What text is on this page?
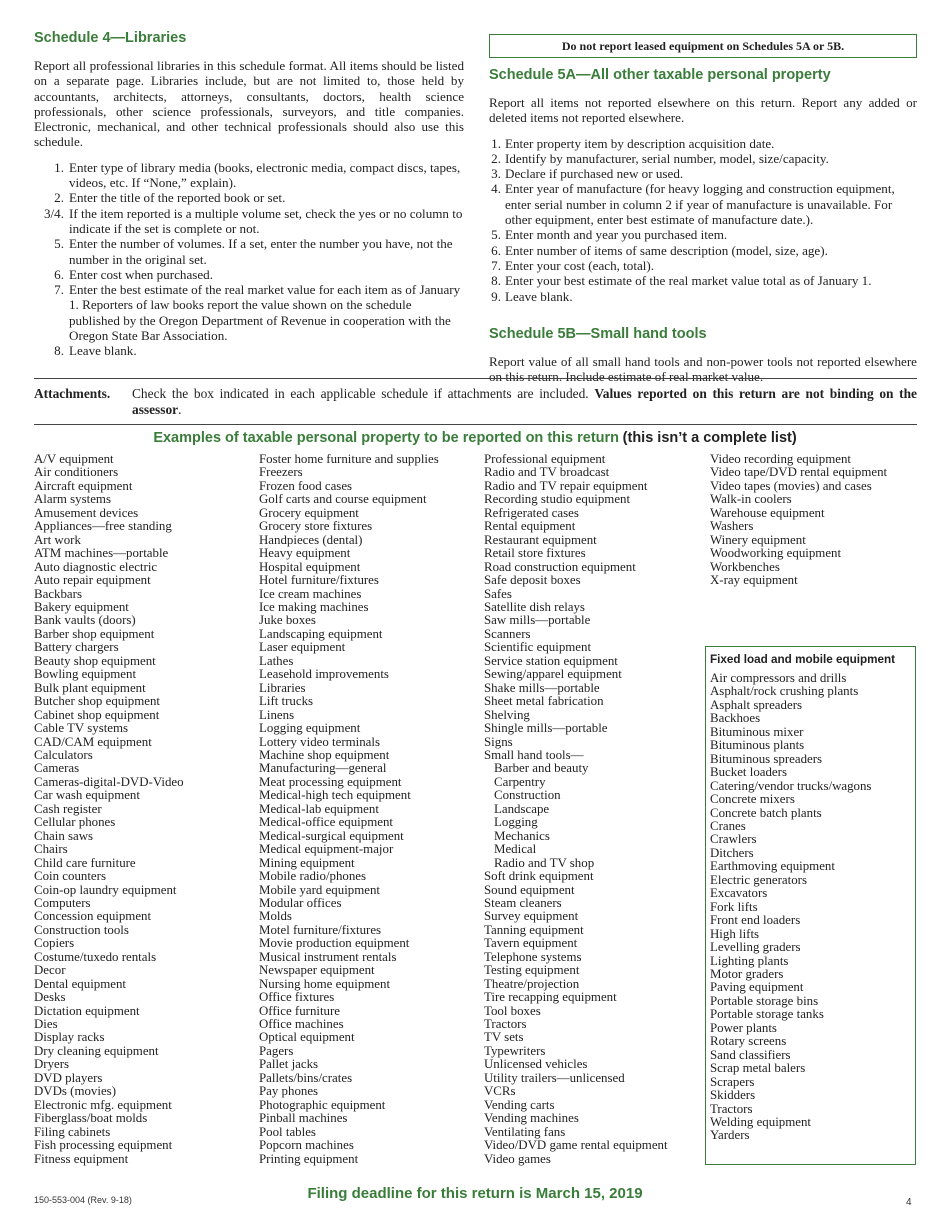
Schedule 4—Libraries

Report all professional libraries in this schedule format. All items should be listed on a separate page. Libraries include, but are not limited to, those held by accountants, architects, attorneys, consultants, doctors, health science professionals, other science professionals, surveyors, and title companies. Electronic, mechanical, and other technical professionals should also use this schedule.

1. Enter type of library media (books, electronic media, compact discs, tapes, videos, etc. If “None,” explain).
2. Enter the title of the reported book or set.
3/4. If the item reported is a multiple volume set, check the yes or no column to indicate if the set is complete or not.
5. Enter the number of volumes. If a set, enter the number you have, not the number in the original set.
6. Enter cost when purchased.
7. Enter the best estimate of the real market value for each item as of January 1. Reporters of law books report the value shown on the schedule published by the Oregon Department of Revenue in cooperation with the Oregon State Bar Association.
8. Leave blank.
Do not report leased equipment on Schedules 5A or 5B.
Schedule 5A—All other taxable personal property

Report all items not reported elsewhere on this return. Report any added or deleted items not reported elsewhere.

1. Enter property item by description acquisition date.
2. Identify by manufacturer, serial number, model, size/capacity.
3. Declare if purchased new or used.
4. Enter year of manufacture (for heavy logging and construction equipment, enter serial number in column 2 if year of manufacture is unavailable. For other equipment, enter best estimate of manufacture date.).
5. Enter month and year you purchased item.
6. Enter number of items of same description (model, size, age).
7. Enter your cost (each, total).
8. Enter your best estimate of the real market value total as of January 1.
9. Leave blank.
Schedule 5B—Small hand tools

Report value of all small hand tools and non-power tools not reported elsewhere on this return. Include estimate of real market value.

Attachments. Check the box indicated in each applicable schedule if attachments are included. Values reported on this return are not binding on the assessor.
Examples of taxable personal property to be reported on this return (this isn’t a complete list)
A/V equipment
Air conditioners
Aircraft equipment
Alarm systems
Amusement devices
Appliances—free standing
Art work
ATM machines—portable
Auto diagnostic electric
Auto repair equipment
Backbars
Bakery equipment
Bank vaults (doors)
Barber shop equipment
Battery chargers
Beauty shop equipment
Bowling equipment
Bulk plant equipment
Butcher shop equipment
Cabinet shop equipment
Cable TV systems
CAD/CAM equipment
Calculators
Cameras
Cameras-digital-DVD-Video
Car wash equipment
Cash register
Cellular phones
Chain saws
Chairs
Child care furniture
Coin counters
Coin-op laundry equipment
Computers
Concession equipment
Construction tools
Copiers
Costume/tuxedo rentals
Decor
Dental equipment
Desks
Dictation equipment
Dies
Display racks
Dry cleaning equipment
Dryers
DVD players
DVDs (movies)
Electronic mfg. equipment
Fiberglass/boat molds
Filing cabinets
Fish processing equipment
Fitness equipment
Foster home furniture and supplies
Freezers
Frozen food cases
Golf carts and course equipment
Grocery equipment
Grocery store fixtures
Handpieces (dental)
Heavy equipment
Hospital equipment
Hotel furniture/fixtures
Ice cream machines
Ice making machines
Juke boxes
Landscaping equipment
Laser equipment
Lathes
Leasehold improvements
Libraries
Lift trucks
Linens
Logging equipment
Lottery video terminals
Machine shop equipment
Manufacturing—general
Meat processing equipment
Medical-high tech equipment
Medical-lab equipment
Medical-office equipment
Medical-surgical equipment
Medical equipment-major
Mining equipment
Mobile radio/phones
Mobile yard equipment
Modular offices
Molds
Motel furniture/fixtures
Movie production equipment
Musical instrument rentals
Newspaper equipment
Nursing home equipment
Office fixtures
Office furniture
Office machines
Optical equipment
Pagers
Pallet jacks
Pallets/bins/crates
Pay phones
Photographic equipment
Pinball machines
Pool tables
Popcorn machines
Printing equipment
Professional equipment
Radio and TV broadcast
Radio and TV repair equipment
Recording studio equipment
Refrigerated cases
Rental equipment
Restaurant equipment
Retail store fixtures
Road construction equipment
Safe deposit boxes
Safes
Satellite dish relays
Saw mills—portable
Scanners
Scientific equipment
Service station equipment
Sewing/apparel equipment
Shake mills—portable
Sheet metal fabrication
Shelving
Shingle mills—portable
Signs
Small hand tools—
Barber and beauty
Carpentry
Construction
Landscape
Logging
Mechanics
Medical
Radio and TV shop
Soft drink equipment
Sound equipment
Steam cleaners
Survey equipment
Tanning equipment
Tavern equipment
Telephone systems
Testing equipment
Theatre/projection
Tire recapping equipment
Tool boxes
Tractors
TV sets
Typewriters
Unlicensed vehicles
Utility trailers—unlicensed
VCRs
Vending carts
Vending machines
Ventilating fans
Video/DVD game rental equipment
Video games
Video recording equipment
Video tape/DVD rental equipment
Video tapes (movies) and cases
Walk-in coolers
Warehouse equipment
Washers
Winery equipment
Woodworking equipment
Workbenches
X-ray equipment
Fixed load and mobile equipment
Air compressors and drills
Asphalt/rock crushing plants
Asphalt spreaders
Backhoes
Bituminous mixer
Bituminous plants
Bituminous spreaders
Bucket loaders
Catering/vendor trucks/wagons
Concrete mixers
Concrete batch plants
Cranes
Crawlers
Ditchers
Earthmoving equipment
Electric generators
Excavators
Fork lifts
Front end loaders
High lifts
Levelling graders
Lighting plants
Motor graders
Paving equipment
Portable storage bins
Portable storage tanks
Power plants
Rotary screens
Sand classifiers
Scrap metal balers
Scrapers
Skidders
Tractors
Welding equipment
Yarders
150-553-004 (Rev. 9-18)	Filing deadline for this return is March 15, 2019
4
